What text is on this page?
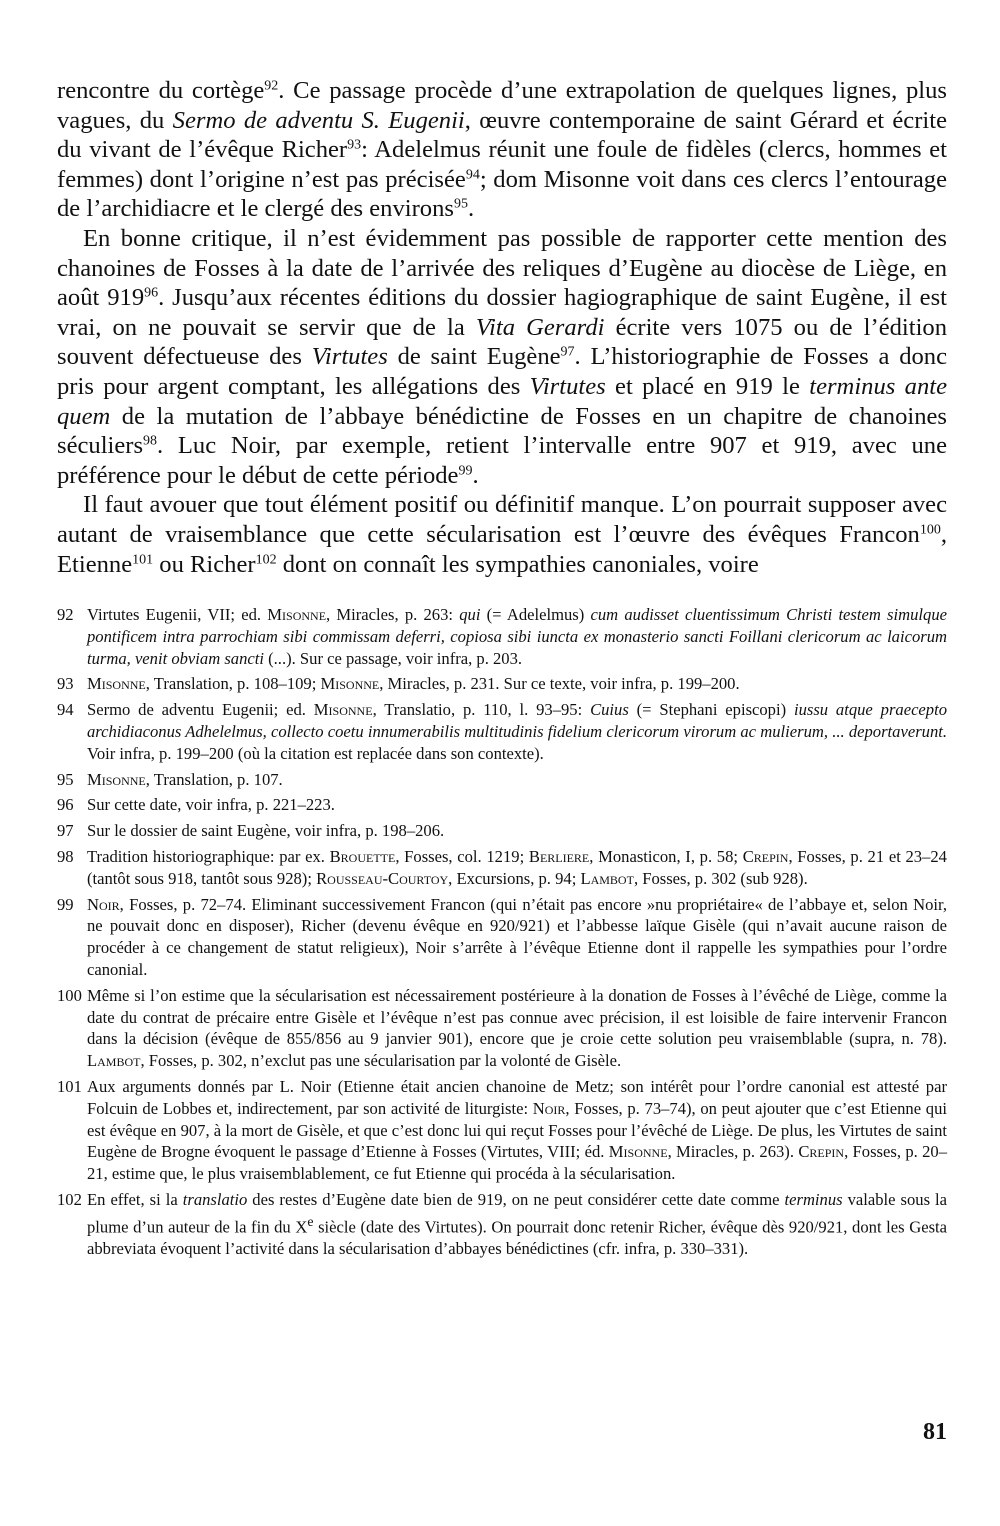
rencontre du cortège$^{92}$. Ce passage procède d’une extrapolation de quelques lignes, plus vagues, du Sermo de adventu S. Eugenii, œuvre contemporaine de saint Gérard et écrite du vivant de l’évêque Richer$^{93}$: Adelelmus réunit une foule de fidèles (clercs, hommes et femmes) dont l’origine n’est pas précisée$^{94}$; dom Misonne voit dans ces clercs l’entourage de l’archidiacre et le clergé des environs$^{95}$.

En bonne critique, il n’est évidemment pas possible de rapporter cette mention des chanoines de Fosses à la date de l’arrivée des reliques d’Eugène au diocèse de Liège, en août $919^{96}$. Jusqu’aux récentes éditions du dossier hagiographique de saint Eugène, il est vrai, on ne pouvait se servir que de la Vita Gerardi écrite vers 1075 ou de l’édition souvent défectueuse des Virtutes de saint Eugène$^{97}$. L’historiographie de Fosses a donc pris pour argent comptant, les allégations des Virtutes et placé en 919 le terminus ante quem de la mutation de l’abbaye bénédictine de Fosses en un chapitre de chanoines séculiers$^{98}$. Luc Noir, par exemple, retient l’intervalle entre 907 et 919, avec une préférence pour le début de cette période$^{99}$.

Il faut avouer que tout élément positif ou définitif manque. L’on pourrait supposer avec autant de vraisemblance que cette sécularisation est l’œuvre des évêques Francon$^{100}$, Etienne$^{101}$ ou Richer$^{102}$ dont on connaît les sympathies canoniales, voire

92 Virtutes Eugenii, VII; ed. Misonne, Miracles, p. 263: qui (= Adelelmus) cum audisset cluentissimum Christi testem simulque pontificem intra parrochiam sibi commissam deferri, copiosa sibi iuncta ex monasterio sancti Foillani clericorum ac laicorum turma, venit obviam sancti (...). Sur ce passage, voir infra, p. 203.
93 Misonne, Translation, p. 108–109; Misonne, Miracles, p. 231. Sur ce texte, voir infra, p. 199–200.
94 Sermo de adventu Eugenii; ed. Misonne, Translatio, p. 110, l. 93–95: Cuius (= Stephani episcopi) iussu atque praecepto archidiaconus Adhelelmus, collecto coetu innumerabilis multitudinis fidelium clericorum virorum ac mulierum, ... deportaverunt. Voir infra, p. 199–200 (où la citation est replacée dans son contexte).
95 Misonne, Translation, p. 107.
96 Sur cette date, voir infra, p. 221–223.
97 Sur le dossier de saint Eugène, voir infra, p. 198–206.
98 Tradition historiographique: par ex. Brouette, Fosses, col. 1219; Berliere, Monasticon, I, p. 58; Crepin, Fosses, p. 21 et 23–24 (tantôt sous 918, tantôt sous 928); Rousseau-Courtoy, Excursions, p. 94; Lambot, Fosses, p. 302 (sub 928).
99 Noir, Fosses, p. 72–74. Eliminant successivement Francon (qui n’était pas encore »nu propriétaire« de l’abbaye et, selon Noir, ne pouvait donc en disposer), Richer (devenu évêque en 920/921) et l’abbesse laïque Gisèle (qui n’avait aucune raison de procéder à ce changement de statut religieux), Noir s’arrête à l’évêque Etienne dont il rappelle les sympathies pour l’ordre canonial.
100 Même si l’on estime que la sécularisation est nécessairement postérieure à la donation de Fosses à l’évêché de Liège, comme la date du contrat de précaire entre Gisèle et l’évêque n’est pas connue avec précision, il est loisible de faire intervenir Francon dans la décision (évêque de 855/856 au 9 janvier 901), encore que je croie cette solution peu vraisemblable (supra, n. 78). Lambot, Fosses, p. 302, n’exclut pas une sécularisation par la volonté de Gisèle.
101 Aux arguments donnés par L. Noir (Etienne était ancien chanoine de Metz; son intérêt pour l’ordre canonial est attesté par Folcuin de Lobbes et, indirectement, par son activité de liturgiste: Noir, Fosses, p. 73–74), on peut ajouter que c’est Etienne qui est évêque en 907, à la mort de Gisèle, et que c’est donc lui qui reçut Fosses pour l’évêché de Liège. De plus, les Virtutes de saint Eugène de Brogne évoquent le passage d’Etienne à Fosses (Virtutes, VIII; éd. Misonne, Miracles, p. 263). Crepin, Fosses, p. 20–21, estime que, le plus vraisemblablement, ce fut Etienne qui procéda à la sécularisation.
102 En effet, si la translatio des restes d’Eugène date bien de 919, on ne peut considérer cette date comme terminus valable sous la plume d’un auteur de la fin du Xe siècle (date des Virtutes). On pourrait donc retenir Richer, évêque dès 920/921, dont les Gesta abbreviata évoquent l’activité dans la sécularisation d’abbayes bénédictines (cfr. infra, p. 330–331).
81
